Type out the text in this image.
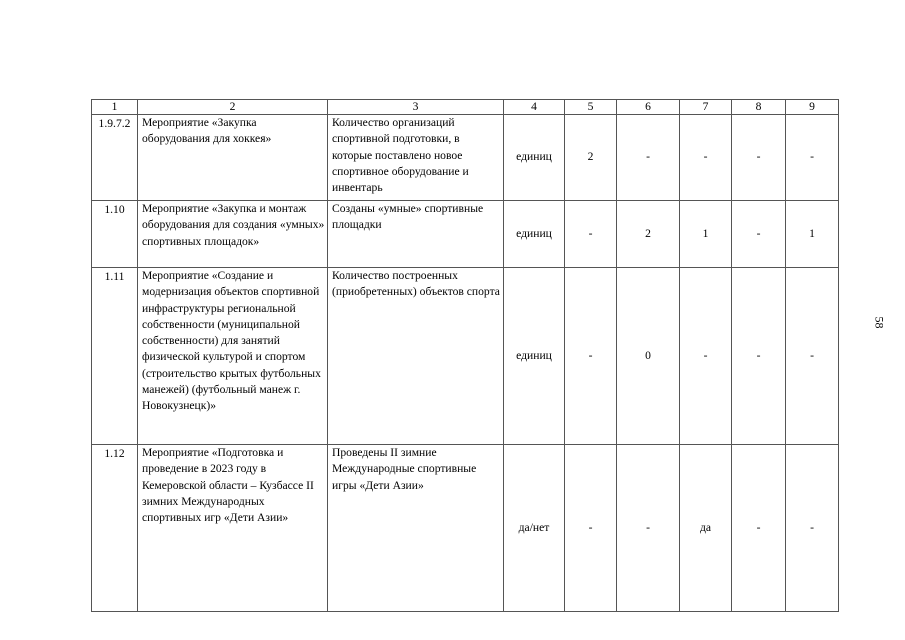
1	2	3	4	5	6	7	8	9
1.9.7.2	Мероприятие «Закупка оборудования для хоккея»	Количество организаций спортивной подготовки, в которые поставлено новое спортивное оборудование и инвентарь	единиц	2	-	-	-	-
1.10	Мероприятие «Закупка и монтаж оборудования для создания «умных» спортивных площадок»	Созданы «умные» спортивные площадки	единиц	-	2	1	-	1
1.11	Мероприятие «Создание и модернизация объектов спортивной инфраструктуры региональной собственности (муниципальной собственности) для занятий физической культурой и спортом (строительство крытых футбольных манежей) (футбольный манеж г. Новокузнецк)»	Количество построенных (приобретенных) объектов спорта	единиц	-	0	-	-	-
1.12	Мероприятие «Подготовка и проведение в 2023 году в Кемеровской области – Кузбассе II зимних Международных спортивных игр «Дети Азии»	Проведены II зимние Международные спортивные игры «Дети Азии»	да/нет	-	-	да	-	-
58
